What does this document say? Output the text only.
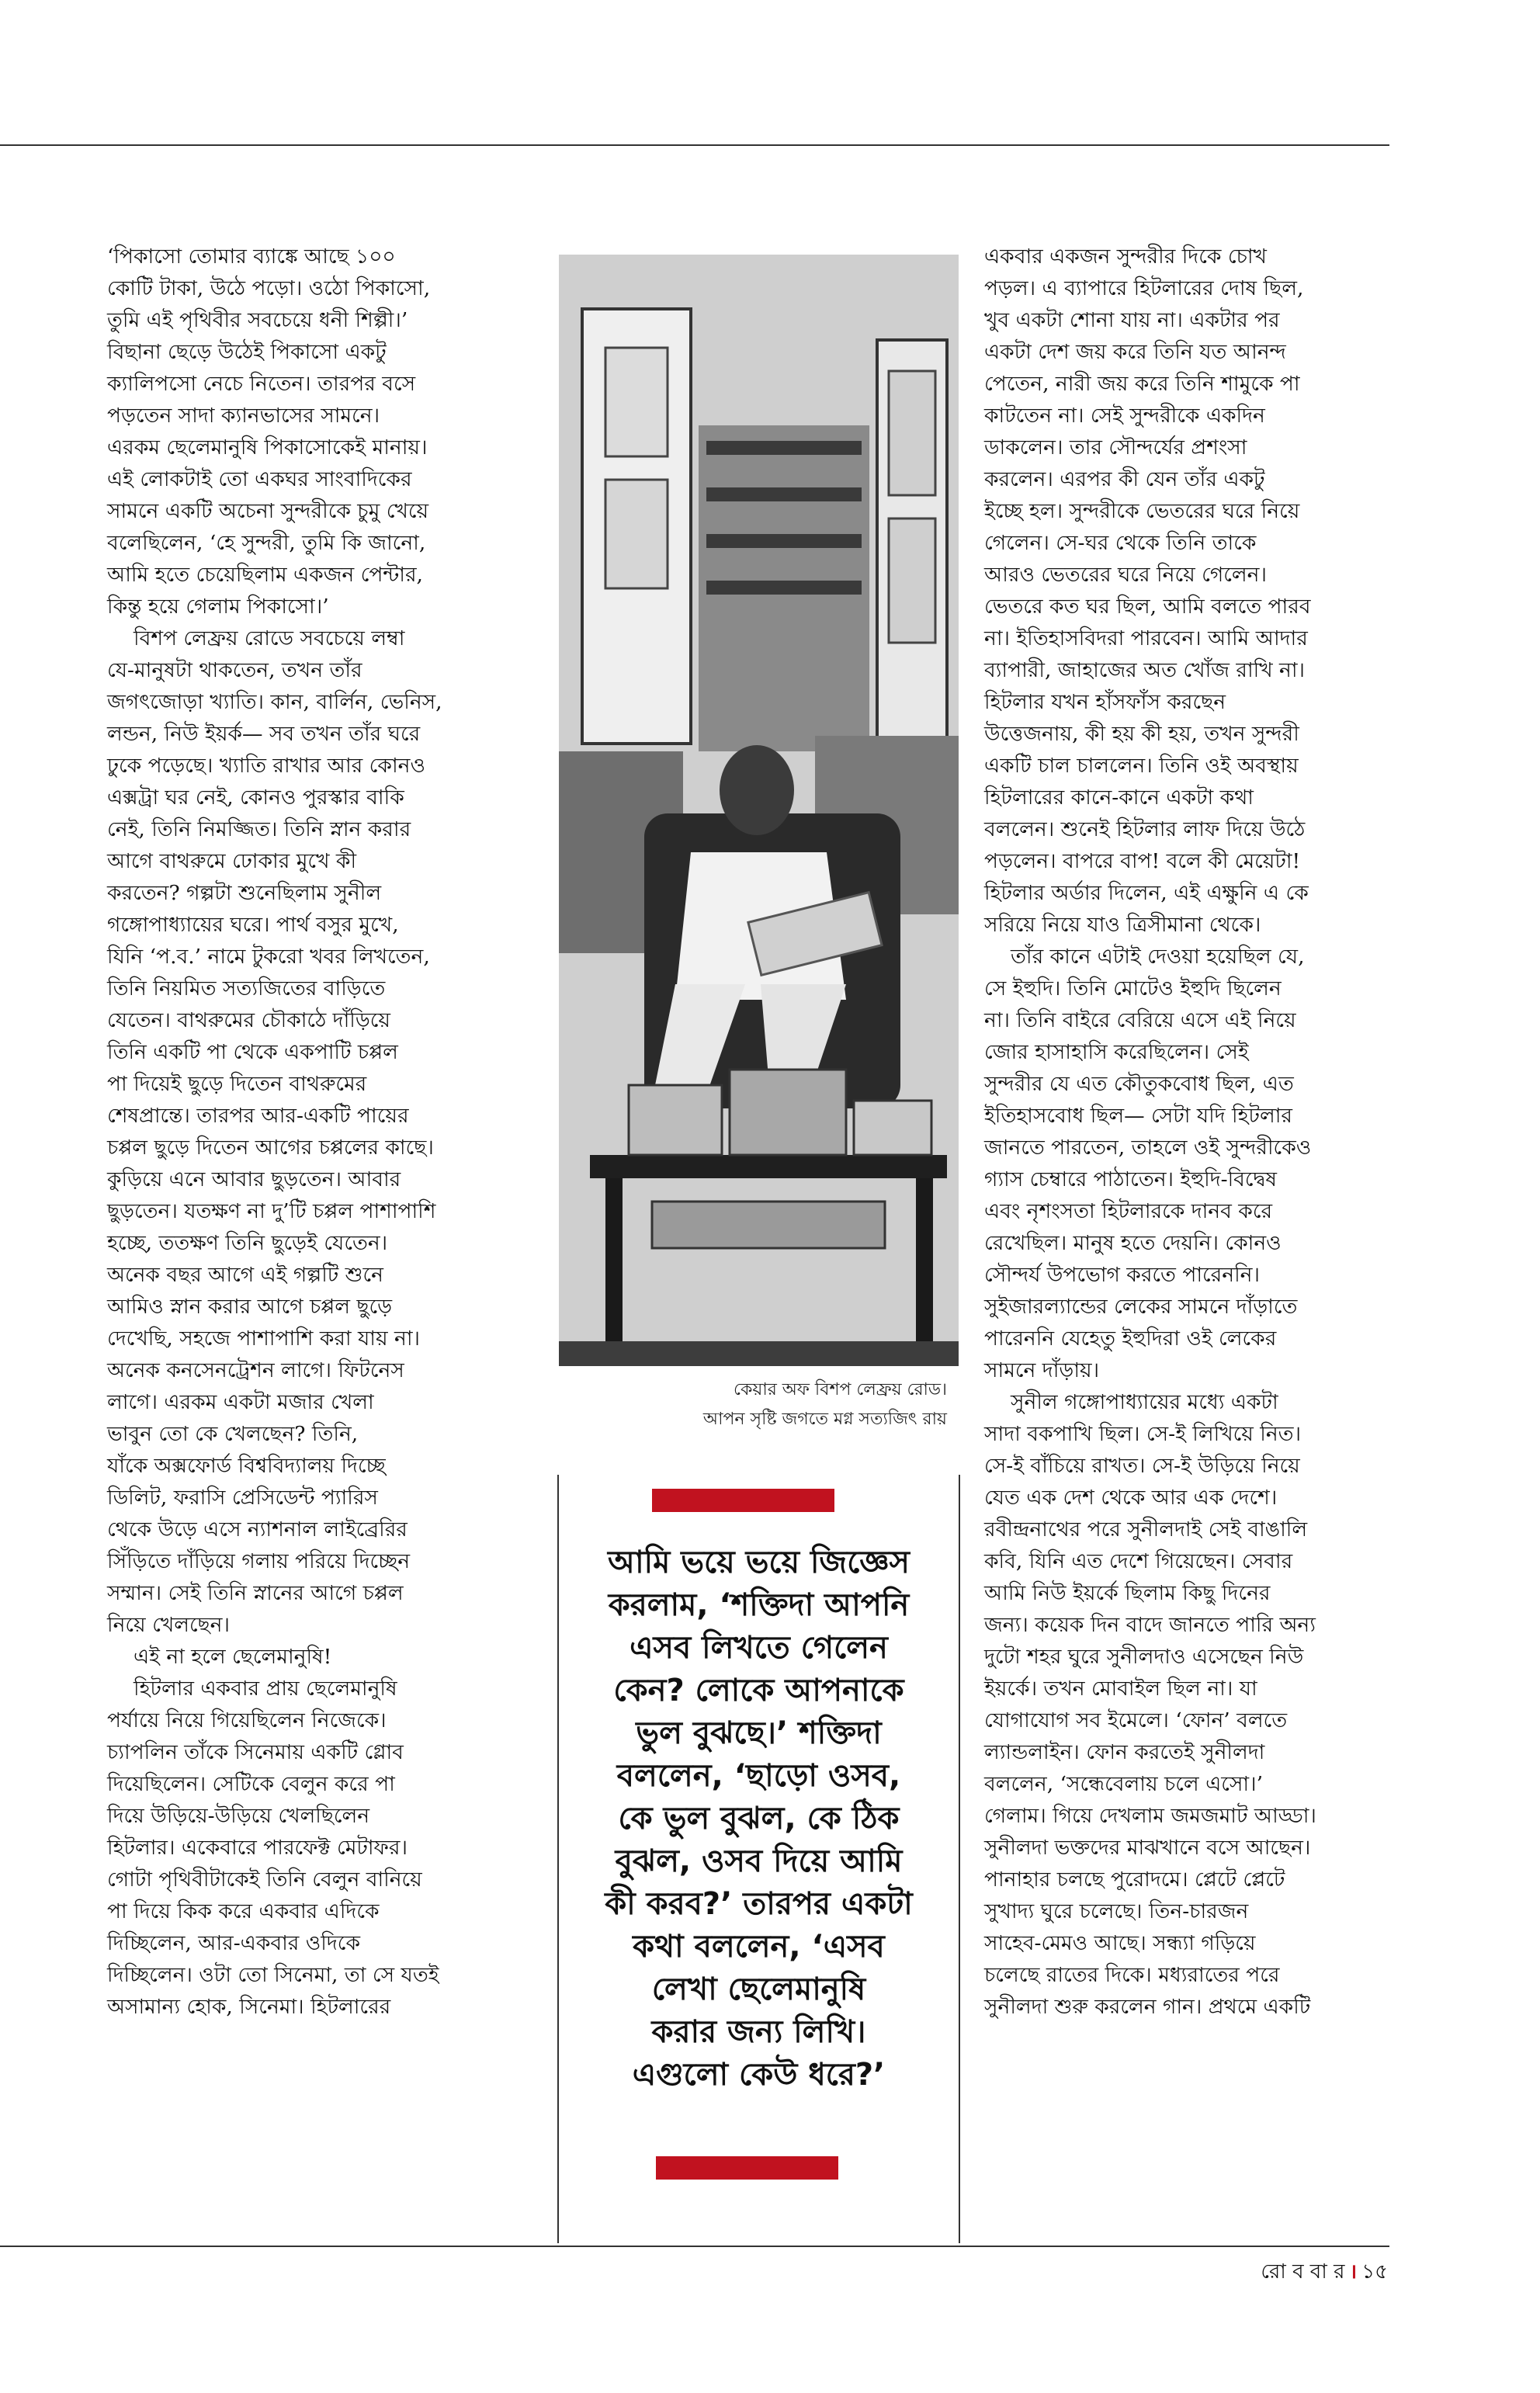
‘পিকাসো তোমার ব্যাঙ্কে আছে ১০০

কোটি টাকা, উঠে পড়ো। ওঠো পিকাসো,

তুমি এই পৃথিবীর সবচেয়ে ধনী শিল্পী।’

বিছানা ছেড়ে উঠেই পিকাসো একটু

ক্যালিপসো নেচে নিতেন। তারপর বসে

পড়তেন সাদা ক্যানভাসের সামনে।

এরকম ছেলেমানুষি পিকাসোকেই মানায়।

এই লোকটাই তো একঘর সাংবাদিকের

সামনে একটি অচেনা সুন্দরীকে চুমু খেয়ে

বলেছিলেন, ‘হে সুন্দরী, তুমি কি জানো,

আমি হতে চেয়েছিলাম একজন পেন্টার,

কিন্তু হয়ে গেলাম পিকাসো।’

বিশপ লেফ্রয় রোডে সবচেয়ে লম্বা

যে-মানুষটা থাকতেন, তখন তাঁর

জগৎজোড়া খ্যাতি। কান, বার্লিন, ভেনিস,

লন্ডন, নিউ ইয়র্ক— সব তখন তাঁর ঘরে

ঢুকে পড়েছে। খ্যাতি রাখার আর কোনও

এক্সট্রা ঘর নেই, কোনও পুরস্কার বাকি

নেই, তিনি নিমজ্জিত। তিনি স্নান করার

আগে বাথরুমে ঢোকার মুখে কী

করতেন? গল্পটা শুনেছিলাম সুনীল

গঙ্গোপাধ্যায়ের ঘরে। পার্থ বসুর মুখে,

যিনি ‘প.ব.’ নামে টুকরো খবর লিখতেন,

তিনি নিয়মিত সত্যজিতের বাড়িতে

যেতেন। বাথরুমের চৌকাঠে দাঁড়িয়ে

তিনি একটি পা থেকে একপাটি চপ্পল

পা দিয়েই ছুড়ে দিতেন বাথরুমের

শেষপ্রান্তে। তারপর আর-একটি পায়ের

চপ্পল ছুড়ে দিতেন আগের চপ্পলের কাছে।

কুড়িয়ে এনে আবার ছুড়তেন। আবার

ছুড়তেন। যতক্ষণ না দু’টি চপ্পল পাশাপাশি

হচ্ছে, ততক্ষণ তিনি ছুড়েই যেতেন।

অনেক বছর আগে এই গল্পটি শুনে

আমিও স্নান করার আগে চপ্পল ছুড়ে

দেখেছি, সহজে পাশাপাশি করা যায় না।

অনেক কনসেনট্রেশন লাগে। ফিটনেস

লাগে। এরকম একটা মজার খেলা

ভাবুন তো কে খেলছেন? তিনি,

যাঁকে অক্সফোর্ড বিশ্ববিদ্যালয় দিচ্ছে

ডিলিট, ফরাসি প্রেসিডেন্ট প্যারিস

থেকে উড়ে এসে ন্যাশনাল লাইব্রেরির

সিঁড়িতে দাঁড়িয়ে গলায় পরিয়ে দিচ্ছেন

সম্মান। সেই তিনি স্নানের আগে চপ্পল

নিয়ে খেলছেন।

এই না হলে ছেলেমানুষি!

হিটলার একবার প্রায় ছেলেমানুষি

পর্যায়ে নিয়ে গিয়েছিলেন নিজেকে।

চ্যাপলিন তাঁকে সিনেমায় একটি গ্লোব

দিয়েছিলেন। সেটিকে বেলুন করে পা

দিয়ে উড়িয়ে-উড়িয়ে খেলছিলেন

হিটলার। একেবারে পারফেক্ট মেটাফর।

গোটা পৃথিবীটাকেই তিনি বেলুন বানিয়ে

পা দিয়ে কিক করে একবার এদিকে

দিচ্ছিলেন, আর-একবার ওদিকে

দিচ্ছিলেন। ওটা তো সিনেমা, তা সে যতই

অসামান্য হোক, সিনেমা। হিটলারের

কেয়ার অফ বিশপ লেফ্রয় রোড।
আপন সৃষ্টি জগতে মগ্ন সত্যজিৎ রায়
আমি ভয়ে ভয়ে জিজ্ঞেস
করলাম, ‘শক্তিদা আপনি
এসব লিখতে গেলেন
কেন? লোকে আপনাকে
ভুল বুঝছে।’ শক্তিদা
বললেন, ‘ছাড়ো ওসব,
কে ভুল বুঝল, কে ঠিক
বুঝল, ওসব দিয়ে আমি
কী করব?’ তারপর একটা
কথা বললেন, ‘এসব
লেখা ছেলেমানুষি
করার জন্য লিখি।
এগুলো কেউ ধরে?’

একবার একজন সুন্দরীর দিকে চোখ

পড়ল। এ ব্যাপারে হিটলারের দোষ ছিল,

খুব একটা শোনা যায় না। একটার পর

একটা দেশ জয় করে তিনি যত আনন্দ

পেতেন, নারী জয় করে তিনি শামুকে পা

কাটতেন না। সেই সুন্দরীকে একদিন

ডাকলেন। তার সৌন্দর্যের প্রশংসা

করলেন। এরপর কী যেন তাঁর একটু

ইচ্ছে হল। সুন্দরীকে ভেতরের ঘরে নিয়ে

গেলেন। সে-ঘর থেকে তিনি তাকে

আরও ভেতরের ঘরে নিয়ে গেলেন।

ভেতরে কত ঘর ছিল, আমি বলতে পারব

না। ইতিহাসবিদরা পারবেন। আমি আদার

ব্যাপারী, জাহাজের অত খোঁজ রাখি না।

হিটলার যখন হাঁসফাঁস করছেন

উত্তেজনায়, কী হয় কী হয়, তখন সুন্দরী

একটি চাল চাললেন। তিনি ওই অবস্থায়

হিটলারের কানে-কানে একটা কথা

বললেন। শুনেই হিটলার লাফ দিয়ে উঠে

পড়লেন। বাপরে বাপ! বলে কী মেয়েটা!

হিটলার অর্ডার দিলেন, এই এক্ষুনি এ কে

সরিয়ে নিয়ে যাও ত্রিসীমানা থেকে।

তাঁর কানে এটাই দেওয়া হয়েছিল যে,

সে ইহুদি। তিনি মোটেও ইহুদি ছিলেন

না। তিনি বাইরে বেরিয়ে এসে এই নিয়ে

জোর হাসাহাসি করেছিলেন। সেই

সুন্দরীর যে এত কৌতুকবোধ ছিল, এত

ইতিহাসবোধ ছিল— সেটা যদি হিটলার

জানতে পারতেন, তাহলে ওই সুন্দরীকেও

গ্যাস চেম্বারে পাঠাতেন। ইহুদি-বিদ্বেষ

এবং নৃশংসতা হিটলারকে দানব করে

রেখেছিল। মানুষ হতে দেয়নি। কোনও

সৌন্দর্য উপভোগ করতে পারেননি।

সুইজারল্যান্ডের লেকের সামনে দাঁড়াতে

পারেননি যেহেতু ইহুদিরা ওই লেকের

সামনে দাঁড়ায়।

সুনীল গঙ্গোপাধ্যায়ের মধ্যে একটা

সাদা বকপাখি ছিল। সে-ই লিখিয়ে নিত।

সে-ই বাঁচিয়ে রাখত। সে-ই উড়িয়ে নিয়ে

যেত এক দেশ থেকে আর এক দেশে।

রবীন্দ্রনাথের পরে সুনীলদাই সেই বাঙালি

কবি, যিনি এত দেশে গিয়েছেন। সেবার

আমি নিউ ইয়র্কে ছিলাম কিছু দিনের

জন্য। কয়েক দিন বাদে জানতে পারি অন্য

দুটো শহর ঘুরে সুনীলদাও এসেছেন নিউ

ইয়র্কে। তখন মোবাইল ছিল না। যা

যোগাযোগ সব ইমেলে। ‘ফোন’ বলতে

ল্যান্ডলাইন। ফোন করতেই সুনীলদা

বললেন, ‘সন্ধেবেলায় চলে এসো।’

গেলাম। গিয়ে দেখলাম জমজমাট আড্ডা।

সুনীলদা ভক্তদের মাঝখানে বসে আছেন।

পানাহার চলছে পুরোদমে। প্লেটে প্লেটে

সুখাদ্য ঘুরে চলেছে। তিন-চারজন

সাহেব-মেমও আছে। সন্ধ্যা গড়িয়ে

চলেছে রাতের দিকে। মধ্যরাতের পরে

সুনীলদা শুরু করলেন গান। প্রথমে একটি

রো ব বা র । ১৫
